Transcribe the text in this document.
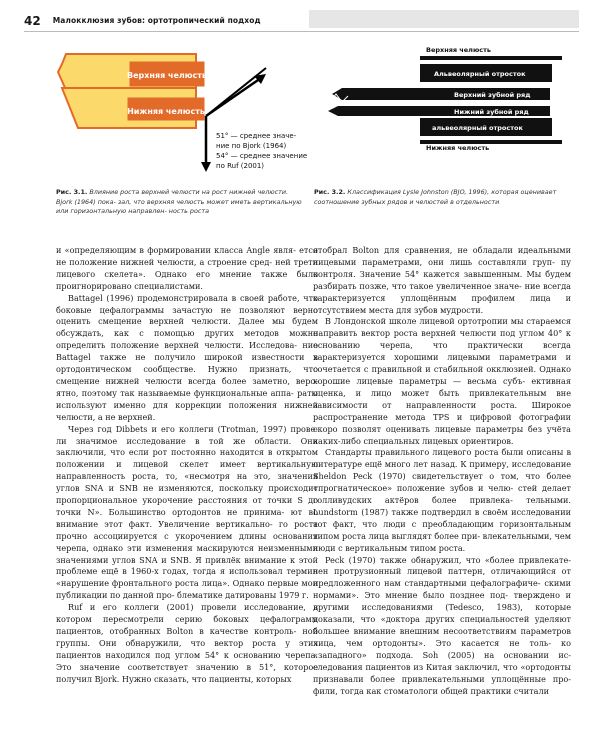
42 Малокклюзия зубов: ортотропический подход
Верхняя челюсть
Нижняя челюсть
51° — среднее значе-
ние по Bjork (1964)
54° — среднее значение
по Ruf (2001)
Верхняя челюсть
Альвеолярный отросток
Верхний зубной ряд
Нижний зубной ряд
альвеолярный отросток
Нижняя челюсть
Рис. 3.1. Влияние роста верхней челюсти на рост нижней челюсти. Bjork (1964) пока- зал, что верхняя челюсть может иметь вертикальную или горизонтальную направлен- ность роста
Рис. 3.2. Классификация Lysle Johnston (BJO, 1996), которая оценивает соотношение зубных рядов и челюстей в отдельности

и «определяющим в формировании класса Angle явля- ется не положение нижней челюсти, а строение сред- ней трети лицевого скелета». Однако его мнение также было проигнорировано специалистами.

Battagel (1996) продемонстрировала в своей работе, что боковые цефалограммы зачастую не позволяют верно оценить смещение верхней челюсти. Далее мы будем обсуждать, как с помощью других методов можно определить положение верхней челюсти. Исследова- ние Battagel также не получило широкой известности в ортодонтическом сообществе. Нужно признать, что смещение нижней челюсти всегда более заметно, веро- ятно, поэтому так называемые функциональные аппа- раты используют именно для коррекции положения нижней челюсти, а не верхней.

Через год Dibbets и его коллеги (Trotman, 1997) прове- ли значимое исследование в той же области. Они заключили, что если рот постоянно находится в открытом положении и лицевой скелет имеет вертикальную направленность роста, то, «несмотря на это, значения углов SNA и SNB не изменяются, поскольку происходит пропорциональное укорочение расстояния от точки S до точки N». Большинство ортодонтов не принима- ют во внимание этот факт. Увеличение вертикально- го роста прочно ассоциируется с укорочением длины основания черепа, однако эти изменения маскируются неизменными значениями углов SNA и SNB. Я привлёк внимание к этой проблеме ещё в 1960-х годах, тогда я использовал термин «нарушение фронтального роста лица». Однако первые мои публикации по данной про- блематике датированы 1979 г.

Ruf и его коллеги (2001) провели исследование, в котором пересмотрели серию боковых цефалограмм пациентов, отобранных Bolton в качестве контроль- ной группы. Они обнаружили, что вектор роста у этих пациентов находился под углом 54° к основанию черепа. Это значение соответствует значению в 51°, которое получил Bjork. Нужно сказать, что пациенты, которых

отобрал Bolton для сравнения, не обладали идеальными лицевыми параметрами, они лишь составляли груп- пу контроля. Значение 54° кажется завышенным. Мы будем разбирать позже, что такое увеличенное значе- ние всегда характеризуется уплощённым профилем лица и отсутствием места для зубов мудрости.

В Лондонской школе лицевой ортотропии мы стараемся направить вектор роста верхней челюсти под углом 40° к основанию черепа, что практически всегда характеризуется хорошими лицевыми параметрами и сочетается с правильной и стабильной окклюзией. Однако хорошие лицевые параметры — весьма субъ- ективная оценка, и лицо может быть привлекательным вне зависимости от направленности роста. Широкое распространение метода TPS и цифровой фотографии скоро позволят оценивать лицевые параметры без учёта каких-либо специальных лицевых ориентиров.

Стандарты правильного лицевого роста были описаны в литературе ещё много лет назад. К примеру, исследование Sheldon Peck (1970) свидетельствует о том, что более «прогнатическое» положение зубов и челю- стей делает голливудских актёров более привлека- тельными. Lundstorm (1987) также подтвердил в своём исследовании тот факт, что люди с преобладающим горизонтальным типом роста лица выглядят более при- влекательными, чем люди с вертикальным типом роста.

Peck (1970) также обнаружил, что «более привлекате- лен протрузионный лицевой паттерн, отличающийся от предложенного нам стандартными цефалографиче- скими нормами». Это мнение было позднее под- тверждено и другими исследованиями (Tedesco, 1983), которые доказали, что «доктора других специальностей уделяют большее внимание внешним несоответствиям параметров лица, чем ортодонты». Это касается не толь- ко «западного» подхода. Soh (2005) на основании ис- следования пациентов из Китая заключил, что «ортодонты признавали более привлекательными уплощённые про- фили, тогда как стоматологи общей практики считали
